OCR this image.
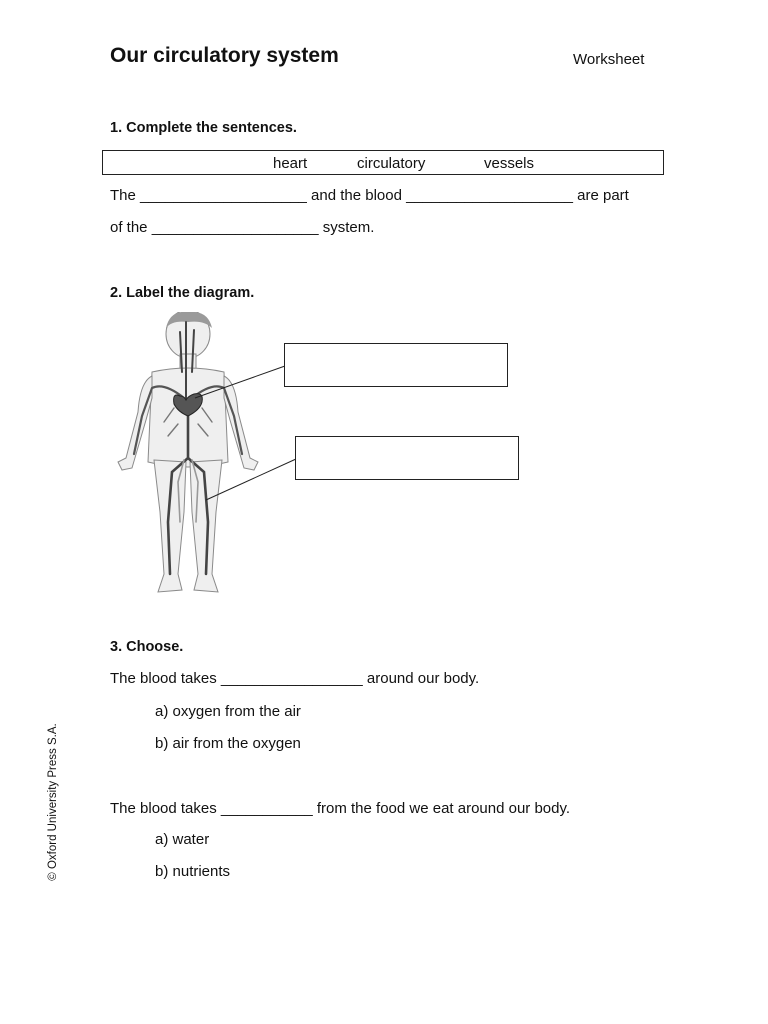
Our circulatory system	Worksheet
1. Complete the sentences.
heart	circulatory	vessels
The ____________________ and the blood ____________________ are part
of the ____________________ system.
2. Label the diagram.
3. Choose.
The blood takes _________________ around our body.
a) oxygen from the air
b) air from the oxygen
The blood takes ___________ from the food we eat around our body.
a) water
b) nutrients
© Oxford University Press S.A.
